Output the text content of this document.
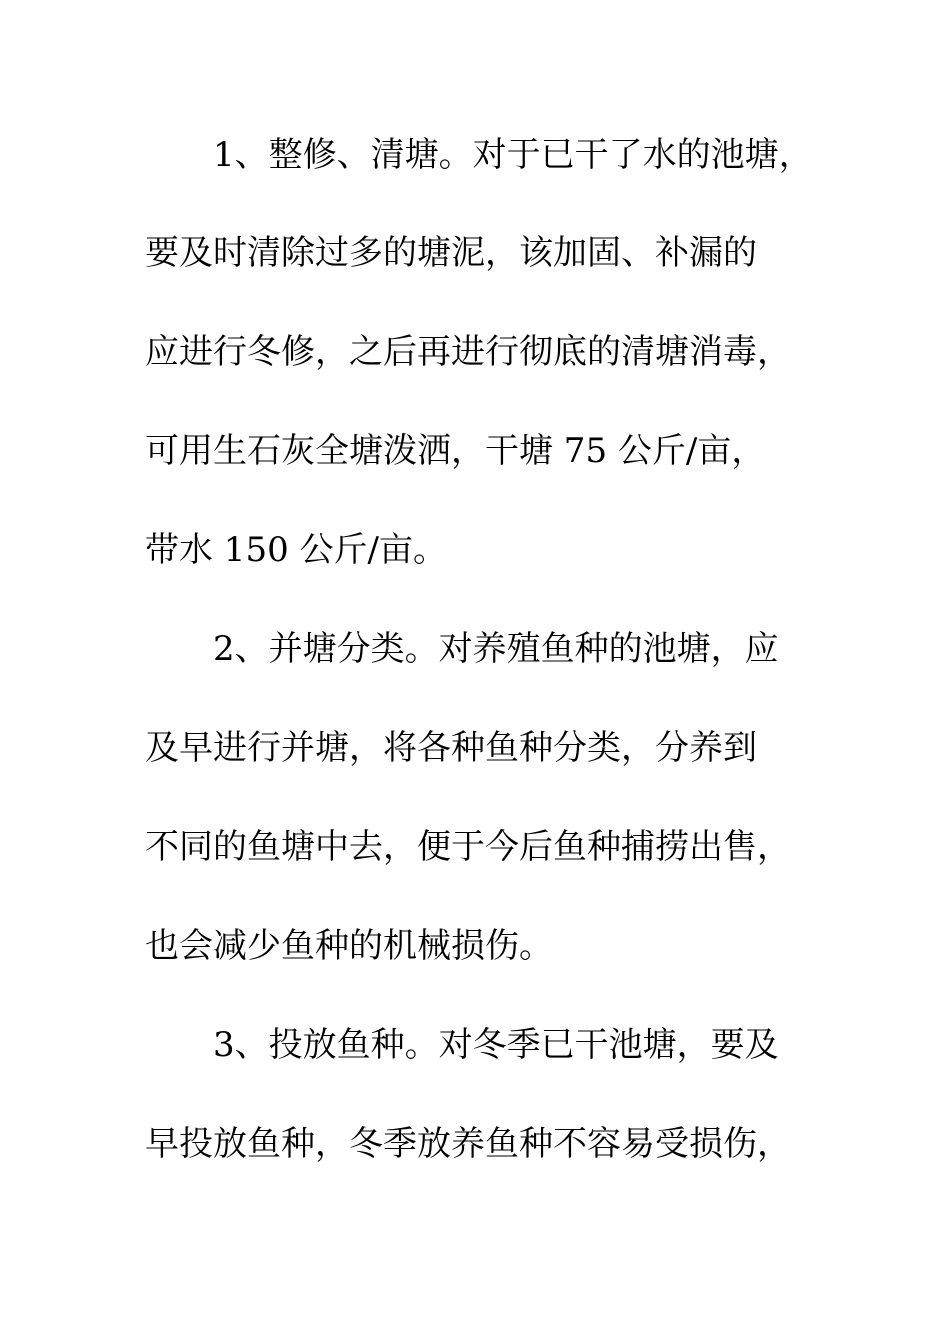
1、整修、清塘。对于已干了水的池塘，

要及时清除过多的塘泥，该加固、补漏的

应进行冬修，之后再进行彻底的清塘消毒，

可用生石灰全塘泼洒，干塘 75 公斤/亩，

带水 150 公斤/亩。

2、并塘分类。对养殖鱼种的池塘，应

及早进行并塘，将各种鱼种分类，分养到

不同的鱼塘中去，便于今后鱼种捕捞出售，

也会减少鱼种的机械损伤。

3、投放鱼种。对冬季已干池塘，要及

早投放鱼种，冬季放养鱼种不容易受损伤，
